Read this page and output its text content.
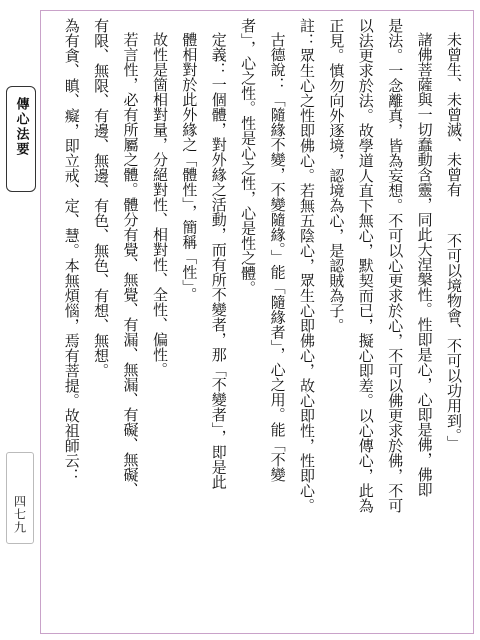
傳心法要
四七九

未曾生、未曾滅、未曾有不可以境物會、不可以功用到。」

諸佛菩薩與一切蠢動含靈，同此大涅槃性。性即是心，心即是佛，佛即

是法。一念離真，皆為妄想。不可以心更求於心，不可以佛更求於佛，不可

以法更求於法。故學道人直下無心，默契而已，擬心即差。以心傳心，此為

正見。慎勿向外逐境，認境為心，是認賊為子。

註：眾生心之性即佛心。若無五陰心，眾生心即佛心，故心即性，性即心。

古德說：「隨緣不變，不變隨緣。」能「隨緣者」，心之用。能「不變

者」，心之性。性是心之性，心是性之體。

定義：一個體，對外緣之活動，而有所不變者，那「不變者」，即是此

體相對於此外緣之「體性」，簡稱「性」。

故性是箇相對量，分絕對性、相對性、全性、偏性。

若言性，必有所屬之體。體分有覺、無覺、有漏、無漏、有礙、無礙、

有限、無限、有邊、無邊、有色、無色、有想、無想。

為有貪、瞋、癡，即立戒、定、慧。本無煩惱，焉有菩提。故祖師云：
